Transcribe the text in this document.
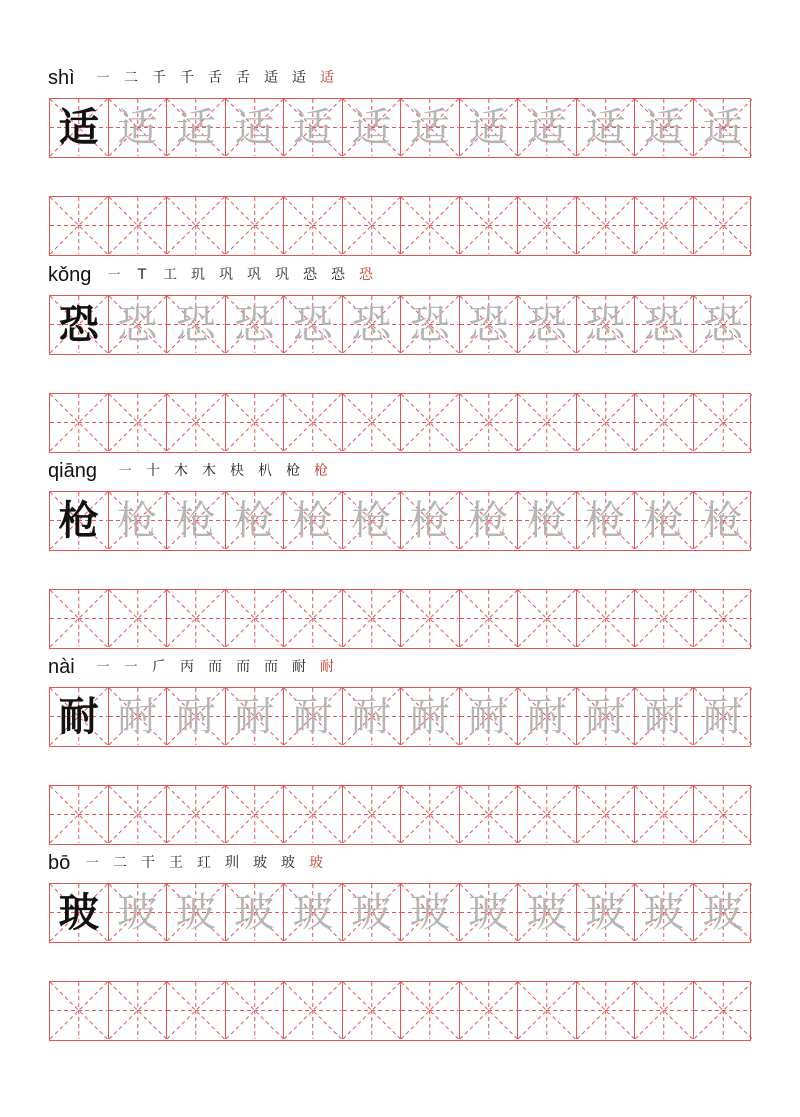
shì	㇐	二	千	千	舌	舌	适	适	适
适 适 适 适 适 适 适 适 适 适 适 适
kǒng	㇐	T	工	玑	巩	巩	巩	恐	恐	恐
恐 恐 恐 恐 恐 恐 恐 恐 恐 恐 恐 恐
qiāng	㇐	十	木	木	㭈	朳	枪	枪
枪 枪 枪 枪 枪 枪 枪 枪 枪 枪 枪 枪
nài	㇐	㇐	𠂆	丙	而	而	而	耐	耐
耐 耐 耐 耐 耐 耐 耐 耐 耐 耐 耐 耐
bō	㇐	二	干	王	玒	玔	玻	玻	玻
玻 玻 玻 玻 玻 玻 玻 玻 玻 玻 玻 玻
